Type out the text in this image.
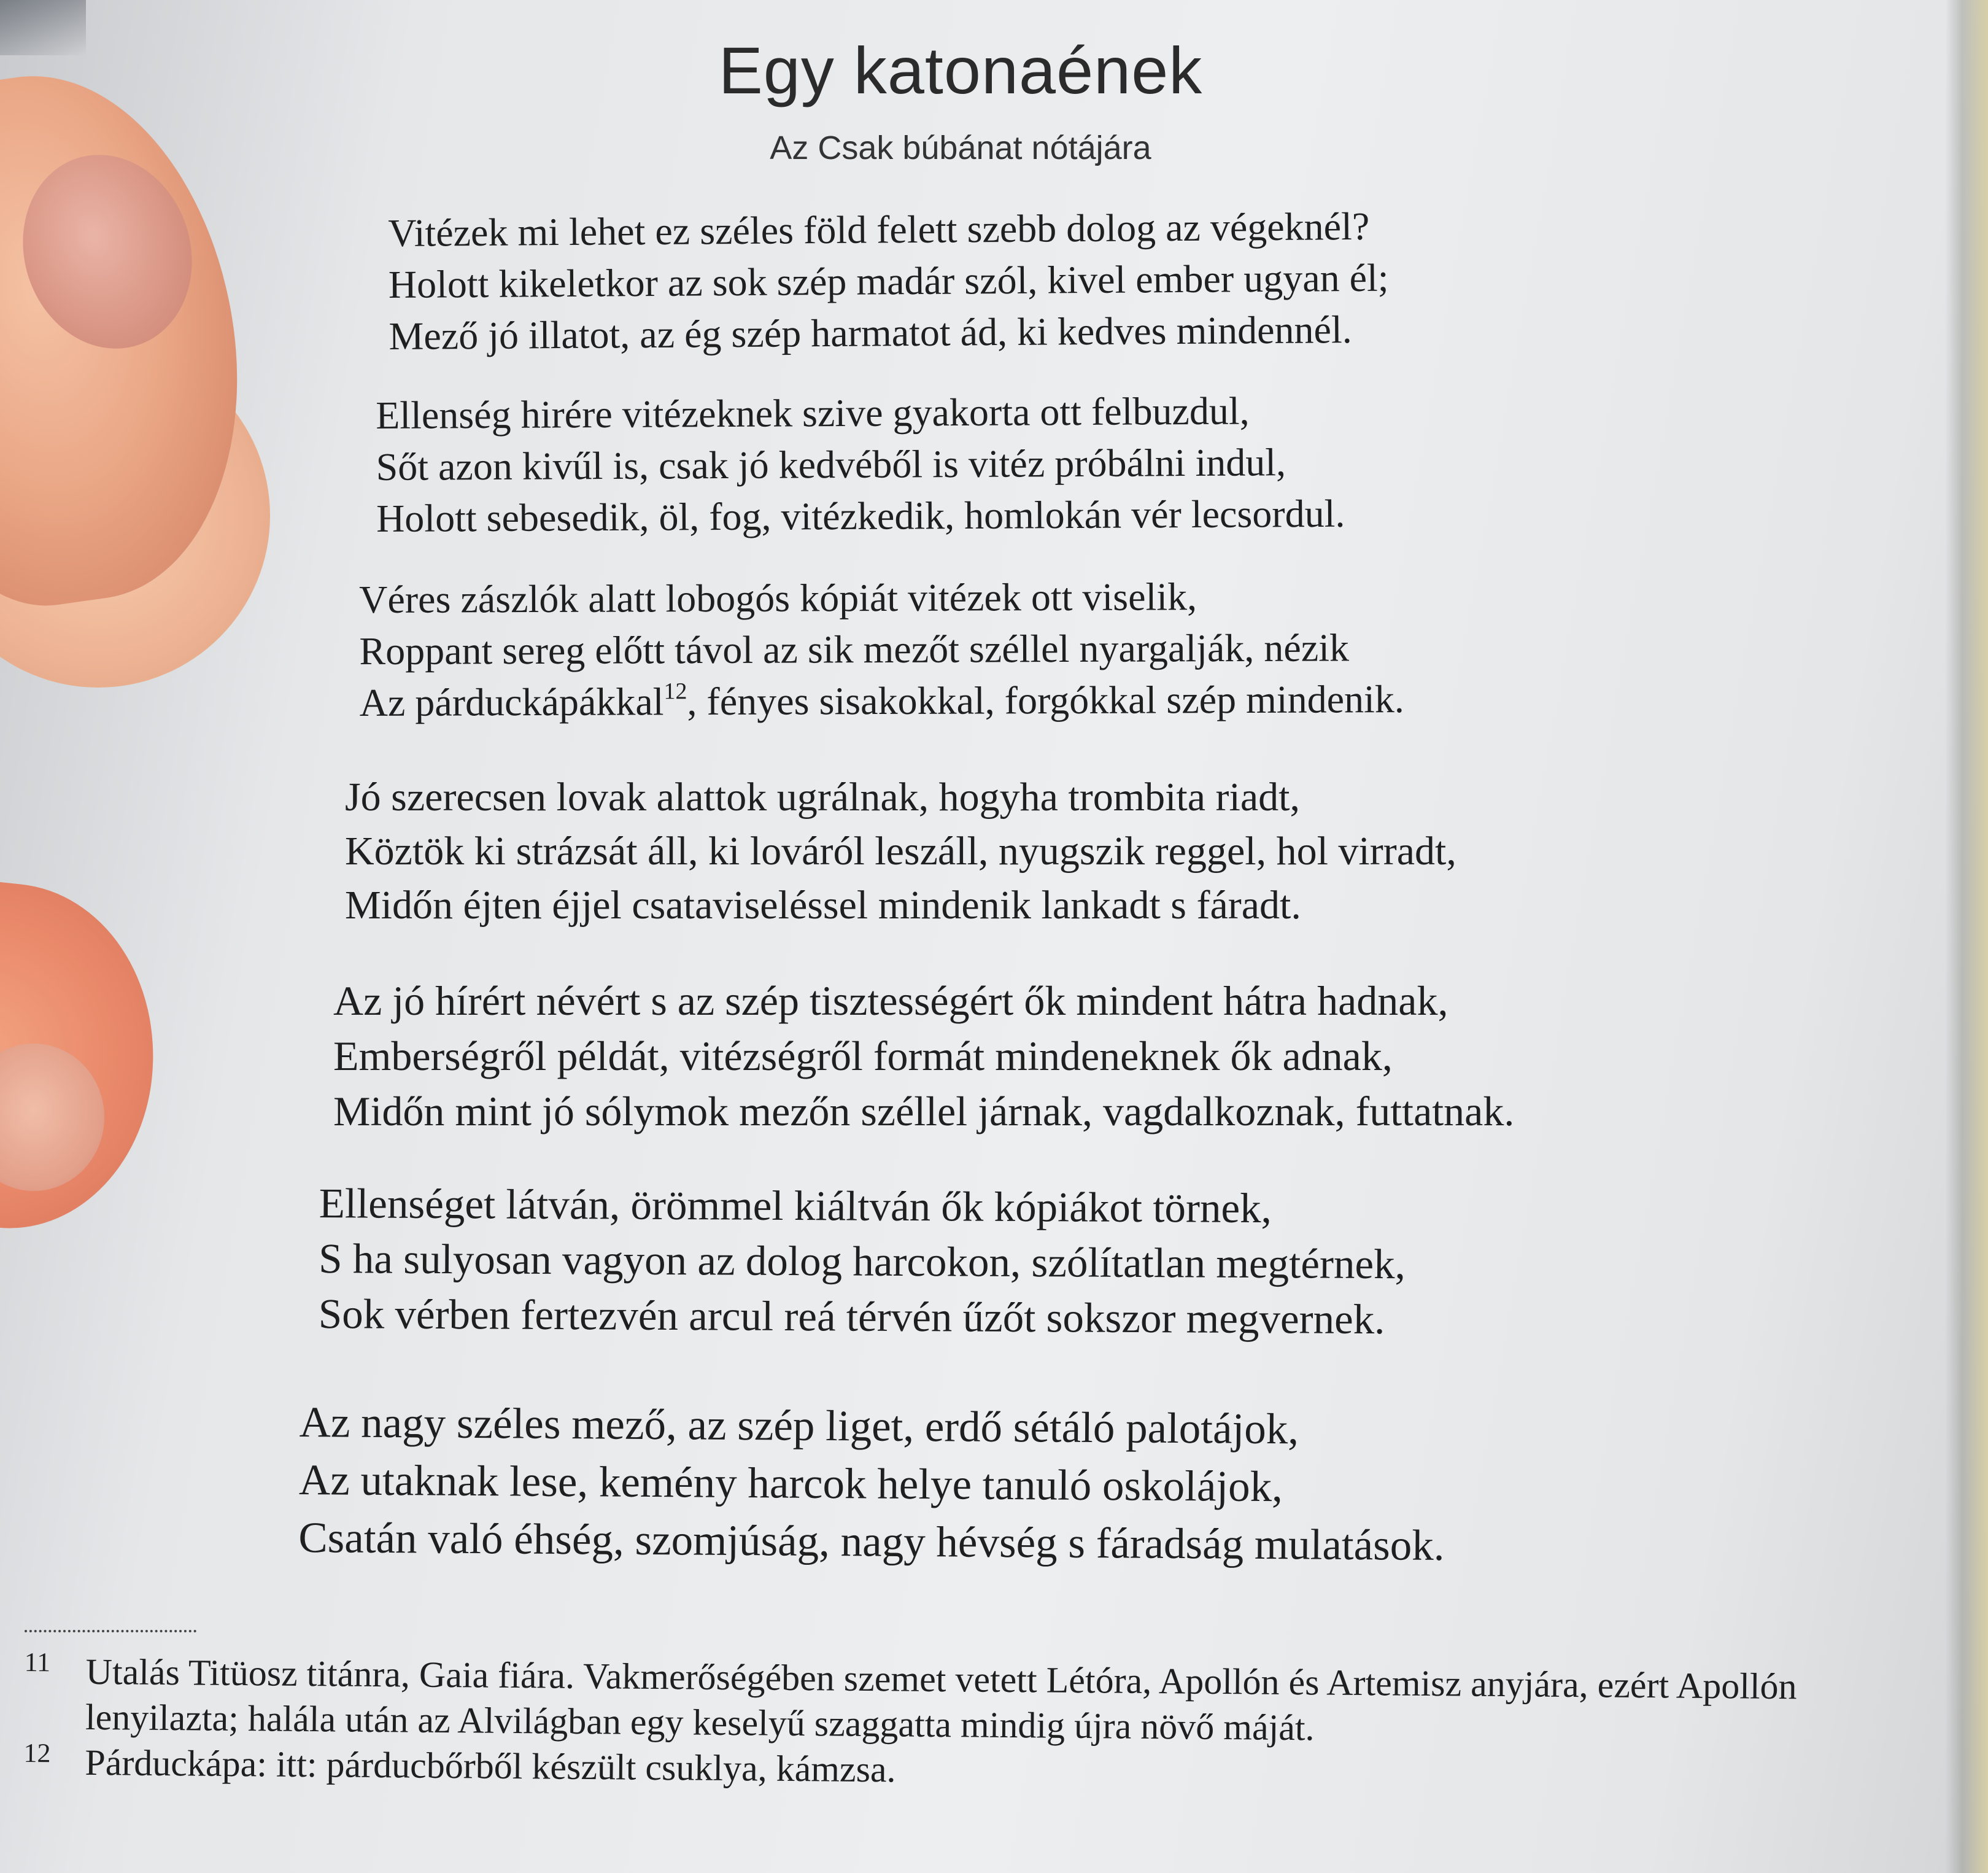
Egy katonaének
Az Csak búbánat nótájára
Vitézek mi lehet ez széles föld felett szebb dolog az végeknél?
Holott kikeletkor az sok szép madár szól, kivel ember ugyan él;
Mező jó illatot, az ég szép harmatot ád, ki kedves mindennél.
Ellenség hirére vitézeknek szive gyakorta ott felbuzdul,
Sőt azon kivűl is, csak jó kedvéből is vitéz próbálni indul,
Holott sebesedik, öl, fog, vitézkedik, homlokán vér lecsordul.
Véres zászlók alatt lobogós kópiát vitézek ott viselik,
Roppant sereg előtt távol az sik mezőt széllel nyargalják, nézik
Az párduckápákkal$^{12}$, fényes sisakokkal, forgókkal szép mindenik.
Jó szerecsen lovak alattok ugrálnak, hogyha trombita riadt,
Köztök ki strázsát áll, ki lováról leszáll, nyugszik reggel, hol virradt,
Midőn éjten éjjel csataviseléssel mindenik lankadt s fáradt.
Az jó hírért névért s az szép tisztességért ők mindent hátra hadnak,
Emberségről példát, vitézségről formát mindeneknek ők adnak,
Midőn mint jó sólymok mezőn széllel járnak, vagdalkoznak, futtatnak.
Ellenséget látván, örömmel kiáltván ők kópiákot törnek,
S ha sulyosan vagyon az dolog harcokon, szólítatlan megtérnek,
Sok vérben fertezvén arcul reá térvén űzőt sokszor megvernek.
Az nagy széles mező, az szép liget, erdő sétáló palotájok,
Az utaknak lese, kemény harcok helye tanuló oskolájok,
Csatán való éhség, szomjúság, nagy hévség s fáradság mulatások.
11 Utalás Titüosz titánra, Gaia fiára. Vakmerőségében szemet vetett Létóra, Apollón és Artemisz anyjára, ezért Apollón lenyilazta; halála után az Alvilágban egy keselyű szaggatta mindig újra növő máját.
12 Párduckápa: itt: párducbőrből készült csuklya, kámzsa.
